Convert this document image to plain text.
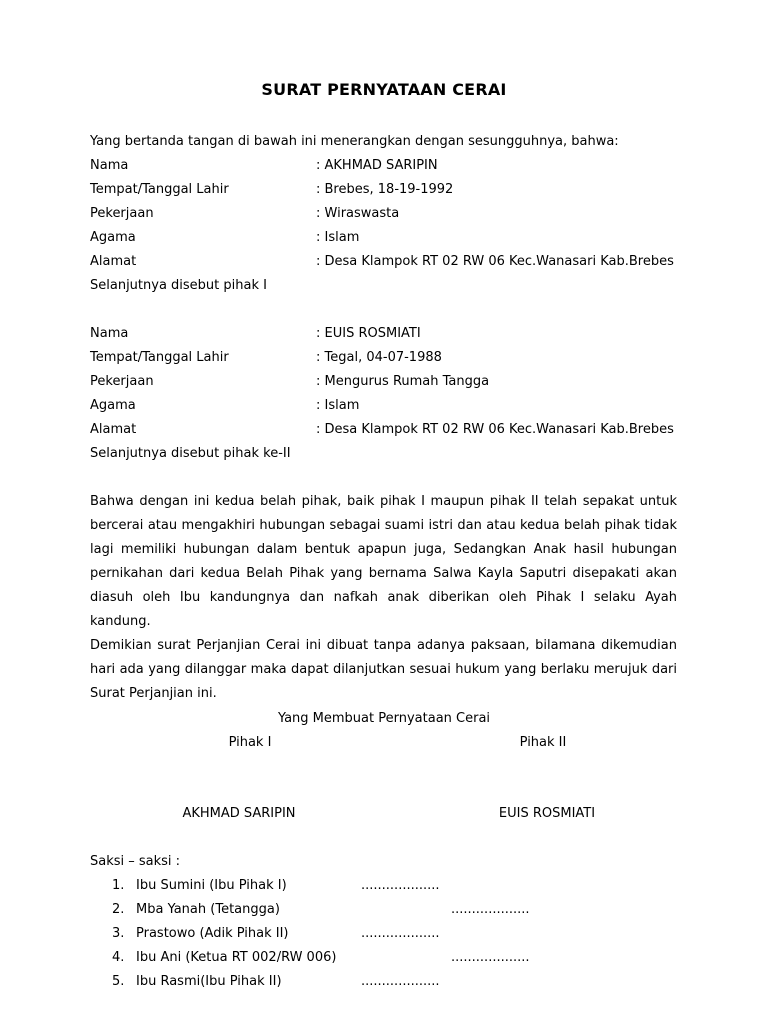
SURAT PERNYATAAN CERAI
Yang bertanda tangan di bawah ini menerangkan dengan sesungguhnya, bahwa:
Nama	: AKHMAD SARIPIN
Tempat/Tanggal Lahir	: Brebes, 18-19-1992
Pekerjaan	: Wiraswasta
Agama	: Islam
Alamat	: Desa Klampok RT 02 RW 06 Kec.Wanasari Kab.Brebes
Selanjutnya disebut pihak I
Nama	: EUIS ROSMIATI
Tempat/Tanggal Lahir	: Tegal, 04-07-1988
Pekerjaan	: Mengurus Rumah Tangga
Agama	: Islam
Alamat	: Desa Klampok RT 02 RW 06 Kec.Wanasari Kab.Brebes
Selanjutnya disebut pihak ke-II

Bahwa dengan ini kedua belah pihak, baik pihak I maupun pihak II telah sepakat untuk bercerai atau mengakhiri hubungan sebagai suami istri dan atau kedua belah pihak tidak lagi memiliki hubungan dalam bentuk apapun juga, Sedangkan Anak hasil hubungan pernikahan dari kedua Belah Pihak yang bernama Salwa Kayla Saputri disepakati akan diasuh oleh Ibu kandungnya dan nafkah anak diberikan oleh Pihak I selaku Ayah kandung.

Demikian surat Perjanjian Cerai ini dibuat tanpa adanya paksaan, bilamana dikemudian hari ada yang dilanggar maka dapat dilanjutkan sesuai hukum yang berlaku merujuk dari Surat Perjanjian ini.

Yang Membuat Pernyataan Cerai
Pihak I	Pihak II
AKHMAD SARIPIN	EUIS ROSMIATI
Saksi – saksi :
1. Ibu Sumini (Ibu Pihak I)	...................
2. Mba Yanah (Tetangga)	...................
3. Prastowo (Adik Pihak II)	...................
4. Ibu Ani (Ketua RT 002/RW 006)	...................
5. Ibu Rasmi(Ibu Pihak II)	...................
